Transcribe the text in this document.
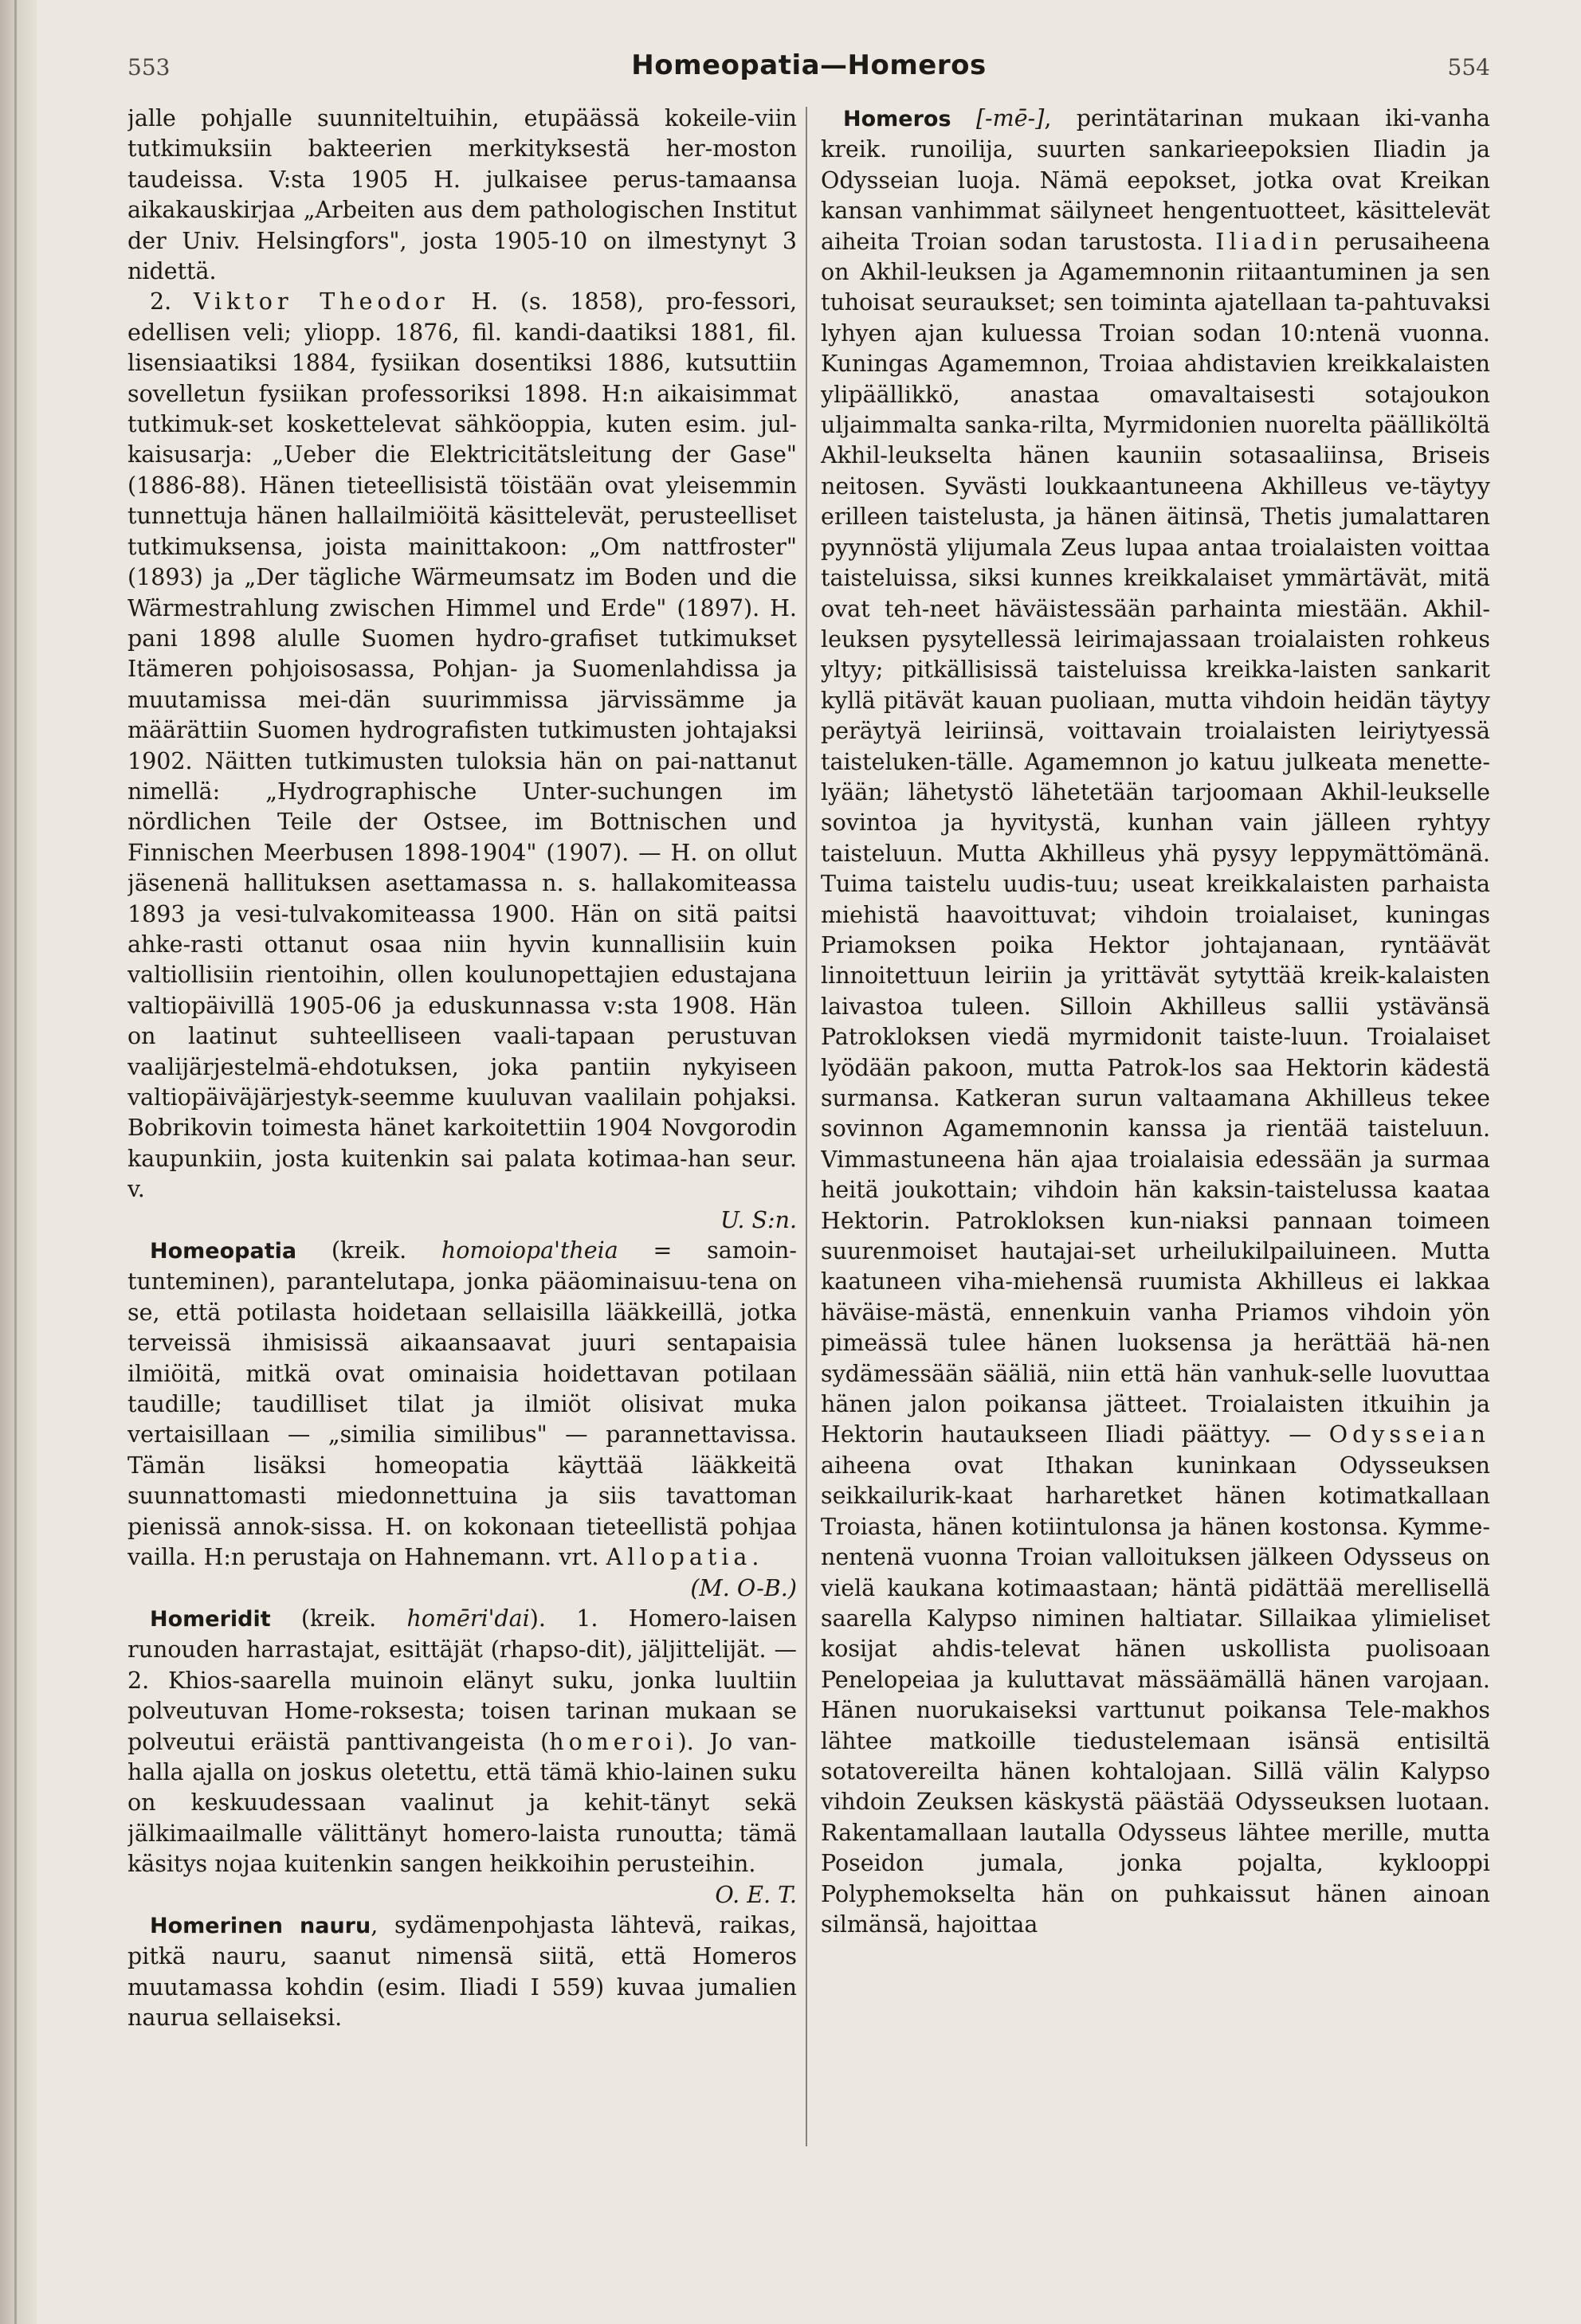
553	Homeopatia—Homeros	554

jalle pohjalle suunniteltuihin, etupäässä kokeile-viin tutkimuksiin bakteerien merkityksestä her-moston taudeissa. V:sta 1905 H. julkaisee perus-tamaansa aikakauskirjaa „Arbeiten aus dem pathologischen Institut der Univ. Helsingfors", josta 1905-10 on ilmestynyt 3 nidettä.

2. Viktor Theodor H. (s. 1858), pro-fessori, edellisen veli; yliopp. 1876, fil. kandi-daatiksi 1881, fil. lisensiaatiksi 1884, fysiikan dosentiksi 1886, kutsuttiin sovelletun fysiikan professoriksi 1898. H:n aikaisimmat tutkimuk-set koskettelevat sähköoppia, kuten esim. jul-kaisusarja: „Ueber die Elektricitätsleitung der Gase" (1886-88). Hänen tieteellisistä töistään ovat yleisemmin tunnettuja hänen hallailmiöitä käsittelevät, perusteelliset tutkimuksensa, joista mainittakoon: „Om nattfroster" (1893) ja „Der tägliche Wärmeumsatz im Boden und die Wärmestrahlung zwischen Himmel und Erde" (1897). H. pani 1898 alulle Suomen hydro-grafiset tutkimukset Itämeren pohjoisosassa, Pohjan- ja Suomenlahdissa ja muutamissa mei-dän suurimmissa järvissämme ja määrättiin Suomen hydrografisten tutkimusten johtajaksi 1902. Näitten tutkimusten tuloksia hän on pai-nattanut nimellä: „Hydrographische Unter-suchungen im nördlichen Teile der Ostsee, im Bottnischen und Finnischen Meerbusen 1898-1904" (1907). — H. on ollut jäsenenä hallituksen asettamassa n. s. hallakomiteassa 1893 ja vesi-tulvakomiteassa 1900. Hän on sitä paitsi ahke-rasti ottanut osaa niin hyvin kunnallisiin kuin valtiollisiin rientoihin, ollen koulunopettajien edustajana valtiopäivillä 1905-06 ja eduskunnassa v:sta 1908. Hän on laatinut suhteelliseen vaali-tapaan perustuvan vaalijärjestelmä-ehdotuksen, joka pantiin nykyiseen valtiopäiväjärjestyk-seemme kuuluvan vaalilain pohjaksi. Bobrikovin toimesta hänet karkoitettiin 1904 Novgorodin kaupunkiin, josta kuitenkin sai palata kotimaa-han seur. v.
U. S:n.

Homeopatia (kreik. homoiopa'theia = samoin-tunteminen), parantelutapa, jonka pääominaisuu-tena on se, että potilasta hoidetaan sellaisilla lääkkeillä, jotka terveissä ihmisissä aikaansaavat juuri sentapaisia ilmiöitä, mitkä ovat ominaisia hoidettavan potilaan taudille; taudilliset tilat ja ilmiöt olisivat muka vertaisillaan — „similia similibus" — parannettavissa. Tämän lisäksi homeopatia käyttää lääkkeitä suunnattomasti miedonnettuina ja siis tavattoman pienissä annok-sissa. H. on kokonaan tieteellistä pohjaa vailla. H:n perustaja on Hahnemann. vrt. Allopatia.
(M. O-B.)

Homeridit (kreik. homēri'dai). 1. Homero-laisen runouden harrastajat, esittäjät (rhapso-dit), jäljittelijät. — 2. Khios-saarella muinoin elänyt suku, jonka luultiin polveutuvan Home-roksesta; toisen tarinan mukaan se polveutui eräistä panttivangeista (homeroi). Jo van-halla ajalla on joskus oletettu, että tämä khio-lainen suku on keskuudessaan vaalinut ja kehit-tänyt sekä jälkimaailmalle välittänyt homero-laista runoutta; tämä käsitys nojaa kuitenkin sangen heikkoihin perusteihin.
O. E. T.

Homerinen nauru, sydämenpohjasta lähtevä, raikas, pitkä nauru, saanut nimensä siitä, että Homeros muutamassa kohdin (esim. Iliadi I 559) kuvaa jumalien naurua sellaiseksi.

Homeros [-mē-], perintätarinan mukaan iki-vanha kreik. runoilija, suurten sankarieepoksien Iliadin ja Odysseian luoja. Nämä eepokset, jotka ovat Kreikan kansan vanhimmat säilyneet hengentuotteet, käsittelevät aiheita Troian sodan tarustosta. Iliadin perusaiheena on Akhil-leuksen ja Agamemnonin riitaantuminen ja sen tuhoisat seuraukset; sen toiminta ajatellaan ta-pahtuvaksi lyhyen ajan kuluessa Troian sodan 10:ntenä vuonna. Kuningas Agamemnon, Troiaa ahdistavien kreikkalaisten ylipäällikkö, anastaa omavaltaisesti sotajoukon uljaimmalta sanka-rilta, Myrmidonien nuorelta päälliköltä Akhil-leukselta hänen kauniin sotasaaliinsa, Briseis neitosen. Syvästi loukkaantuneena Akhilleus ve-täytyy erilleen taistelusta, ja hänen äitinsä, Thetis jumalattaren pyynnöstä ylijumala Zeus lupaa antaa troialaisten voittaa taisteluissa, siksi kunnes kreikkalaiset ymmärtävät, mitä ovat teh-neet häväistessään parhainta miestään. Akhil-leuksen pysytellessä leirimajassaan troialaisten rohkeus yltyy; pitkällisissä taisteluissa kreikka-laisten sankarit kyllä pitävät kauan puoliaan, mutta vihdoin heidän täytyy peräytyä leiriinsä, voittavain troialaisten leiriytyessä taisteluken-tälle. Agamemnon jo katuu julkeata menette-lyään; lähetystö lähetetään tarjoomaan Akhil-leukselle sovintoa ja hyvitystä, kunhan vain jälleen ryhtyy taisteluun. Mutta Akhilleus yhä pysyy leppymättömänä. Tuima taistelu uudis-tuu; useat kreikkalaisten parhaista miehistä haavoittuvat; vihdoin troialaiset, kuningas Priamoksen poika Hektor johtajanaan, ryntäävät linnoitettuun leiriin ja yrittävät sytyttää kreik-kalaisten laivastoa tuleen. Silloin Akhilleus sallii ystävänsä Patrokloksen viedä myrmidonit taiste-luun. Troialaiset lyödään pakoon, mutta Patrok-los saa Hektorin kädestä surmansa. Katkeran surun valtaamana Akhilleus tekee sovinnon Agamemnonin kanssa ja rientää taisteluun. Vimmastuneena hän ajaa troialaisia edessään ja surmaa heitä joukottain; vihdoin hän kaksin-taistelussa kaataa Hektorin. Patrokloksen kun-niaksi pannaan toimeen suurenmoiset hautajai-set urheilukilpailuineen. Mutta kaatuneen viha-miehensä ruumista Akhilleus ei lakkaa häväise-mästä, ennenkuin vanha Priamos vihdoin yön pimeässä tulee hänen luoksensa ja herättää hä-nen sydämessään sääliä, niin että hän vanhuk-selle luovuttaa hänen jalon poikansa jätteet. Troialaisten itkuihin ja Hektorin hautaukseen Iliadi päättyy. — Odysseian aiheena ovat Ithakan kuninkaan Odysseuksen seikkailurik-kaat harharetket hänen kotimatkallaan Troiasta, hänen kotiintulonsa ja hänen kostonsa. Kymme-nentenä vuonna Troian valloituksen jälkeen Odysseus on vielä kaukana kotimaastaan; häntä pidättää merellisellä saarella Kalypso niminen haltiatar. Sillaikaa ylimieliset kosijat ahdis-televat hänen uskollista puolisoaan Penelopeiaa ja kuluttavat mässäämällä hänen varojaan. Hänen nuorukaiseksi varttunut poikansa Tele-makhos lähtee matkoille tiedustelemaan isänsä entisiltä sotatovereilta hänen kohtalojaan. Sillä välin Kalypso vihdoin Zeuksen käskystä päästää Odysseuksen luotaan. Rakentamallaan lautalla Odysseus lähtee merille, mutta Poseidon jumala, jonka pojalta, kyklooppi Polyphemokselta hän on puhkaissut hänen ainoan silmänsä, hajoittaa
